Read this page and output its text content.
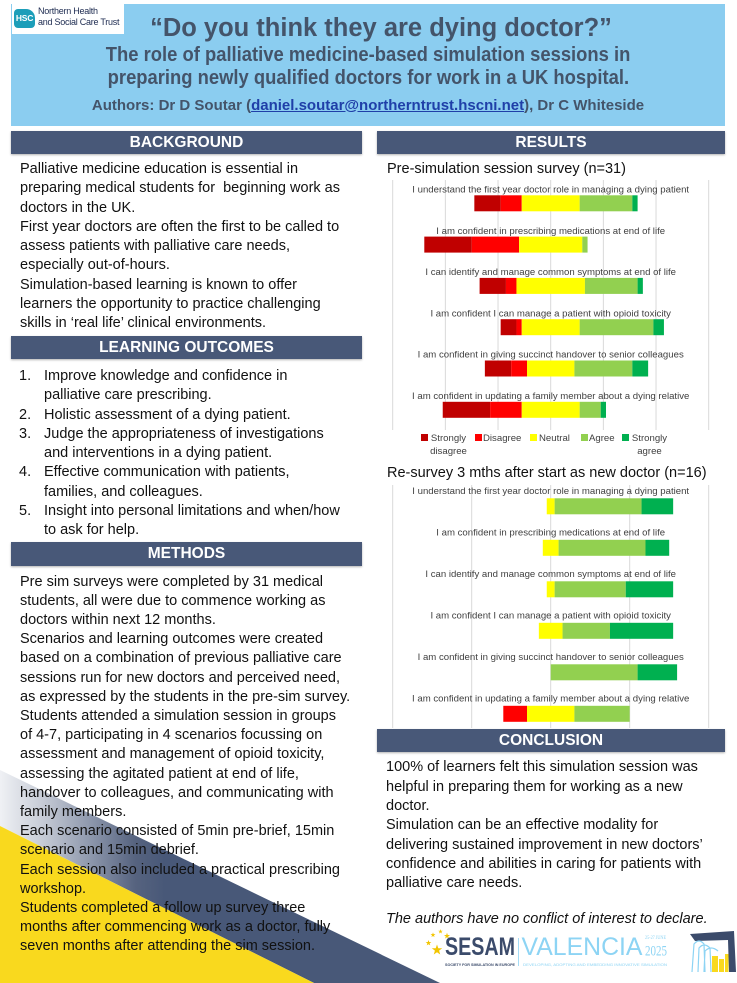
HSC
Northern Health
and Social Care Trust	“Do you think they are dying doctor?”
The role of palliative medicine-based simulation sessions in
preparing newly qualified doctors for work in a UK hospital.
Authors: Dr D Soutar (daniel.soutar@northerntrust.hscni.net), Dr C Whiteside
BACKGROUND
Palliative medicine education is essential in
preparing medical students for  beginning work as
doctors in the UK.
First year doctors are often the first to be called to
assess patients with palliative care needs,
especially out-of-hours.
Simulation-based learning is known to offer
learners the opportunity to practice challenging
skills in ‘real life’ clinical environments.
LEARNING OUTCOMES
1. Improve knowledge and confidence in
palliative care prescribing.
2. Holistic assessment of a dying patient.
3. Judge the appropriateness of investigations
and interventions in a dying patient.
4. Effective communication with patients,
families, and colleagues.
5. Insight into personal limitations and when/how
to ask for help.
METHODS
Pre sim surveys were completed by 31 medical
students, all were due to commence working as
doctors within next 12 months.
Scenarios and learning outcomes were created
based on a combination of previous palliative care
sessions run for new doctors and perceived need,
as expressed by the students in the pre-sim survey.
Students attended a simulation session in groups
of 4-7, participating in 4 scenarios focussing on
assessment and management of opioid toxicity,
assessing the agitated patient at end of life,
handover to colleagues, and communicating with
family members.
Each scenario consisted of 5min pre-brief, 15min
scenario and 15min debrief.
Each session also included a practical prescribing
workshop.
Students completed a follow up survey three
months after commencing work as a doctor, fully
seven months after attending the sim session.
RESULTS
Pre-simulation session survey (n=31)
I understand the first year doctor role in managing a dying patient
I am confident in prescribing medications at end of life
I can identify and manage common symptoms at end of life
I am confident I can manage a patient with opioid toxicity
I am confident in giving succinct handover to senior colleagues
I am confident in updating a family member about a dying relative
Strongly disagree
Disagree Neutral Agree Strongly agree
Re-survey 3 mths after start as new doctor (n=16)
I understand the first year doctor role in managing a dying patient
I am confident in prescribing medications at end of life
I can identify and manage common symptoms at end of life
I am confident I can manage a patient with opioid toxicity
I am confident in giving succinct handover to senior colleagues
I am confident in updating a family member about a dying relative
CONCLUSION
100% of learners felt this simulation session was
helpful in preparing them for working as a new
doctor.
Simulation can be an effective modality for
delivering sustained improvement in new doctors’
confidence and abilities in caring for patients with
palliative care needs.
The authors have no conflict of interest to declare.
SESAM
SOCIETY FOR SIMULATION IN EUROPE
VALENCIA 25-27 JUNE
2025
DEVELOPING, ADOPTING AND EMBEDDING INNOVATIVE SIMULATION
